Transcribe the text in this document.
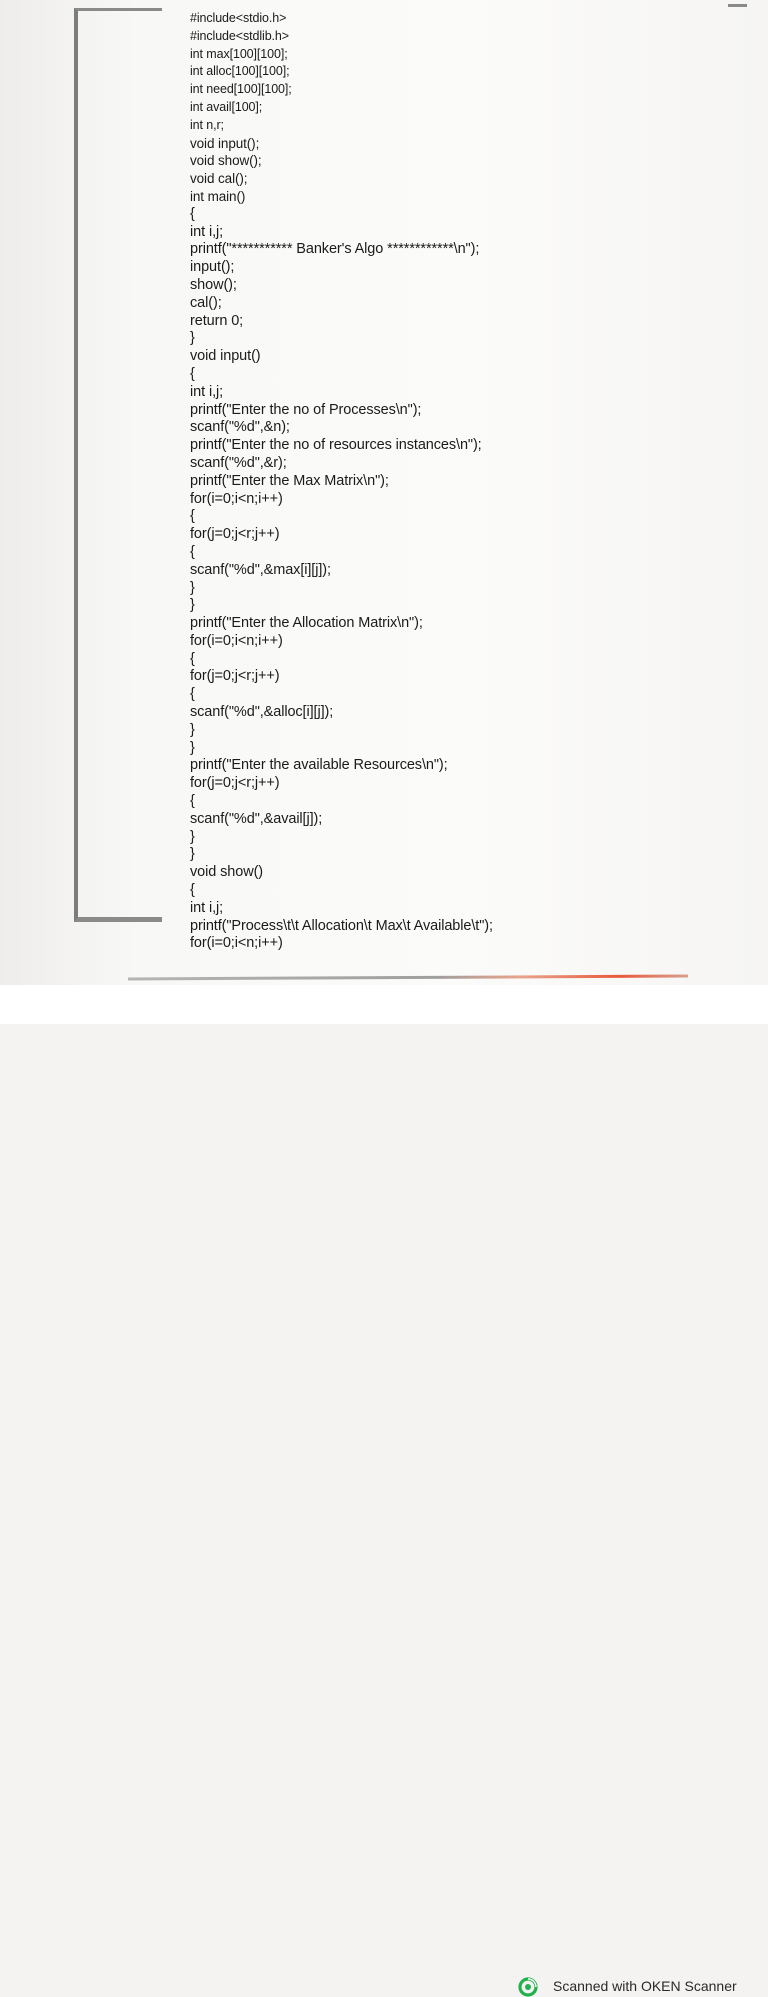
#include<stdio.h>
#include<stdlib.h>
int max[100][100];
int alloc[100][100];
int need[100][100];
int avail[100];
int n,r;
void input();
void show();
void cal();
int main()
{
int i,j;
printf("*********** Banker's Algo ************\n");
input();
show();
cal();
return 0;
}
void input()
{
int i,j;
printf("Enter the no of Processes\n");
scanf("%d",&n);
printf("Enter the no of resources instances\n");
scanf("%d",&r);
printf("Enter the Max Matrix\n");
for(i=0;i<n;i++)
{
for(j=0;j<r;j++)
{
scanf("%d",&max[i][j]);
}
}
printf("Enter the Allocation Matrix\n");
for(i=0;i<n;i++)
{
for(j=0;j<r;j++)
{
scanf("%d",&alloc[i][j]);
}
}
printf("Enter the available Resources\n");
for(j=0;j<r;j++)
{
scanf("%d",&avail[j]);
}
}
void show()
{
int i,j;
printf("Process\t\t Allocation\t Max\t Available\t");
for(i=0;i<n;i++)
Scanned with OKEN Scanner
